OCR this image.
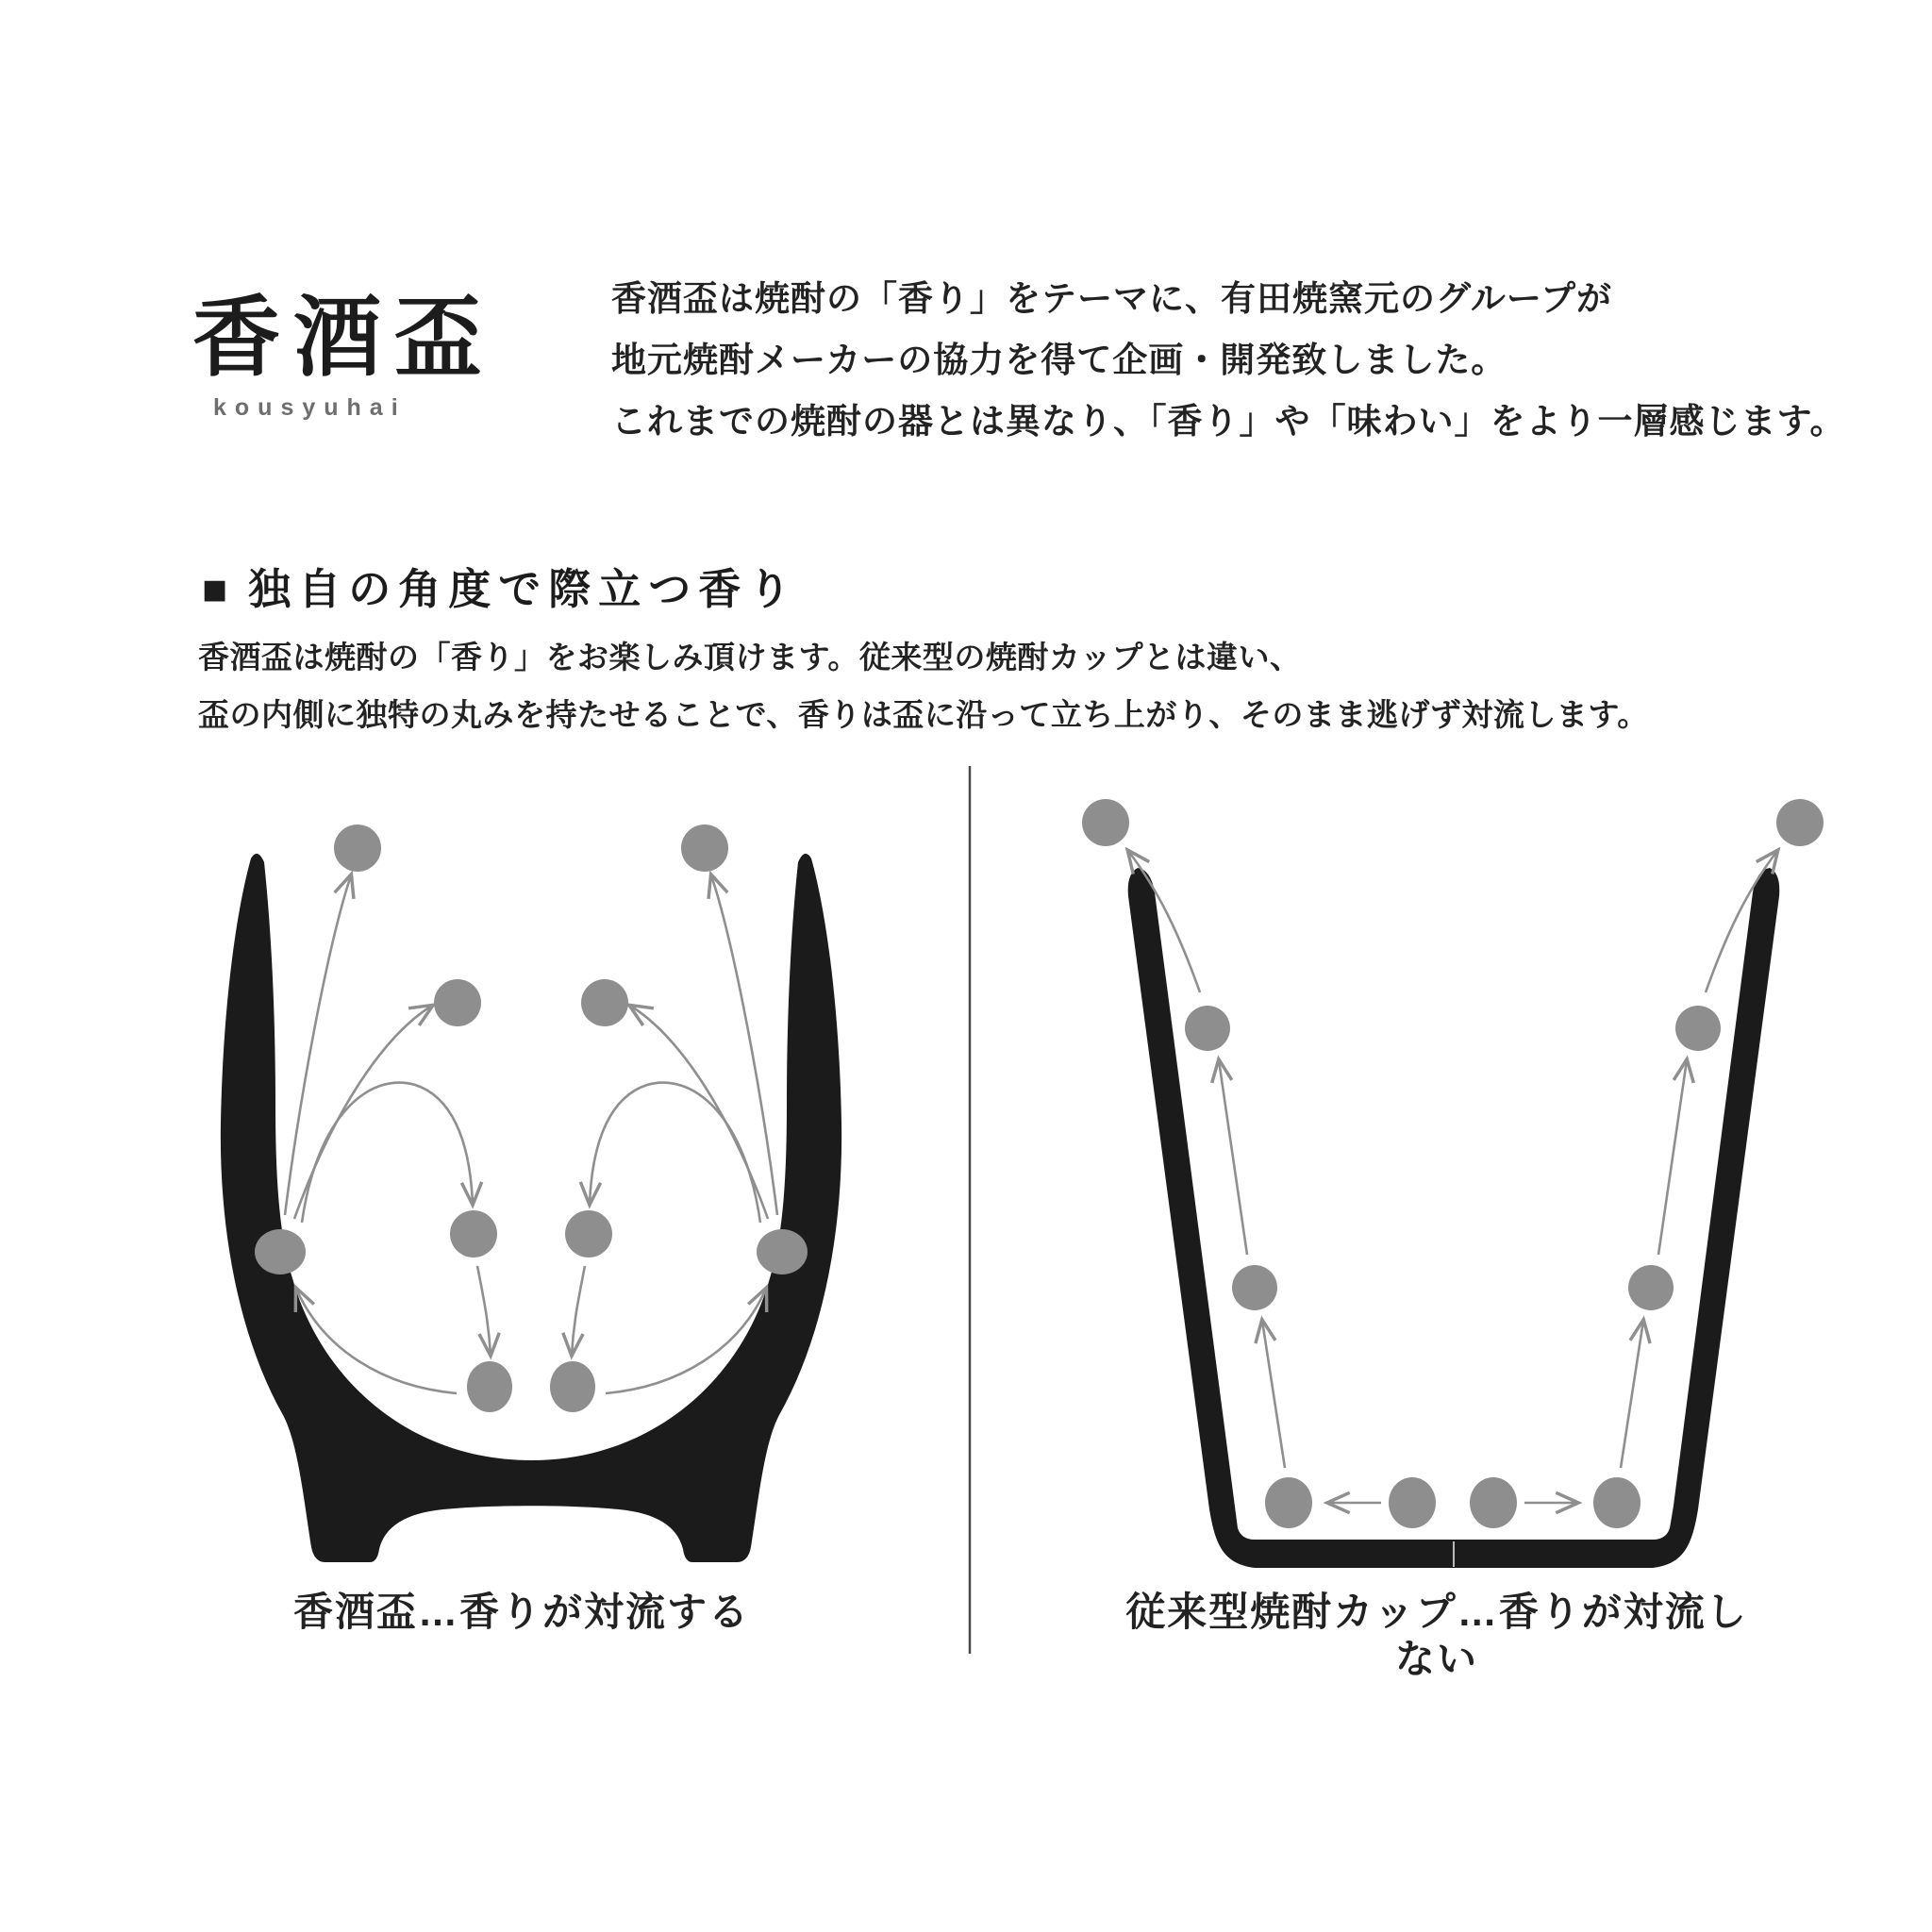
香酒盃
kousyuhai
香酒盃は焼酎の「香り」をテーマに、有田焼窯元のグループが
地元焼酎メーカーの協力を得て企画・開発致しました。
これまでの焼酎の器とは異なり、「香り」や「味わい」をより一層感じます。
■ 独自の角度で際立つ香り
香酒盃は焼酎の「香り」をお楽しみ頂けます。従来型の焼酎カップとは違い、
盃の内側に独特の丸みを持たせることで、香りは盃に沿って立ち上がり、そのまま逃げず対流します。
香酒盃…香りが対流する	従来型焼酎カップ…香りが対流しない
